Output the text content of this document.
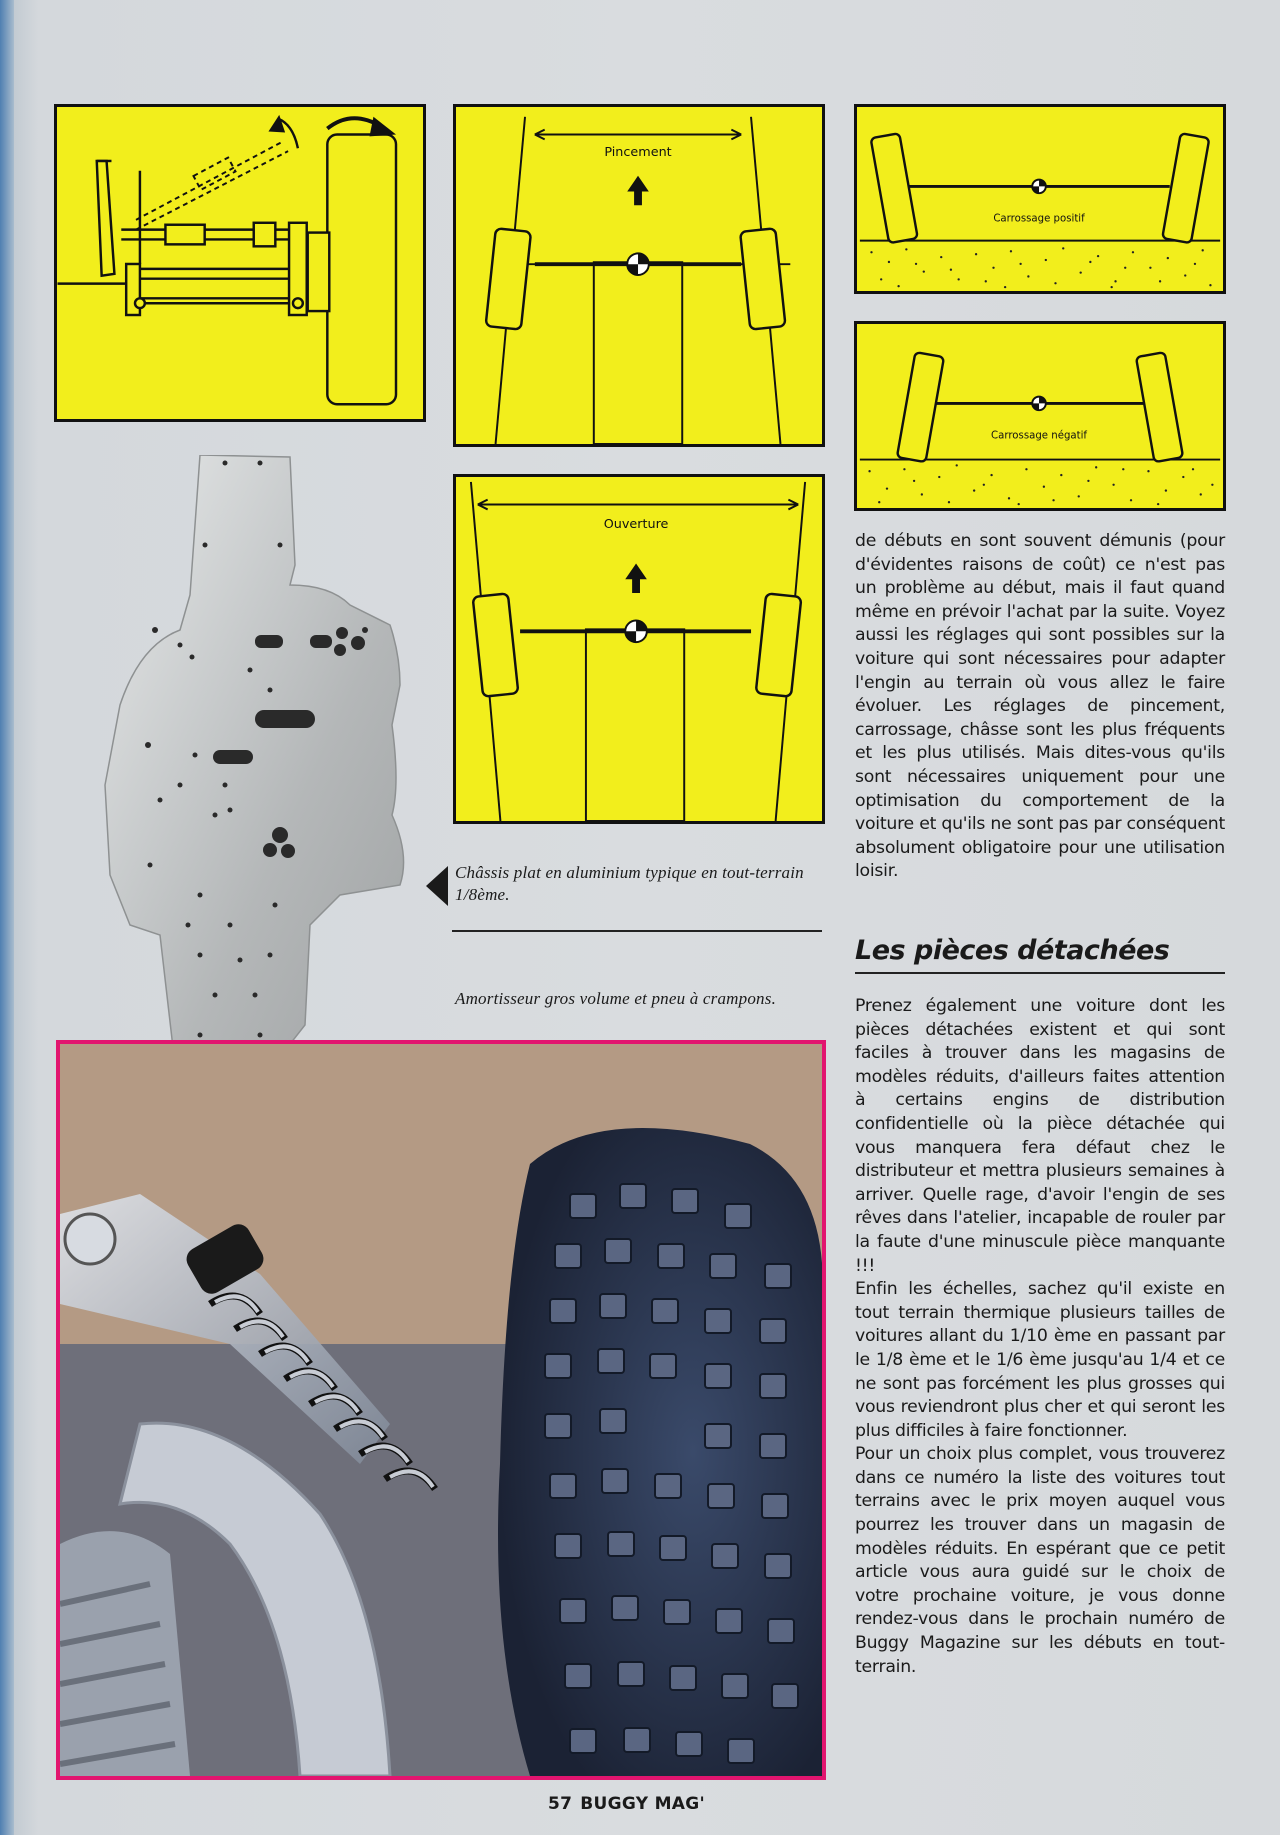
Pincement
Ouverture
Carrossage positif
Carrossage négatif
Châssis plat en aluminium typique en tout-terrain 1/8ème.
Amortisseur gros volume et pneu à crampons.

de débuts en sont souvent démunis (pour d'évidentes raisons de coût) ce n'est pas un problème au début, mais il faut quand même en prévoir l'achat par la suite. Voyez aussi les réglages qui sont possibles sur la voiture qui sont nécessaires pour adapter l'engin au terrain où vous allez le faire évoluer. Les réglages de pincement, carrossage, châsse sont les plus fréquents et les plus utilisés. Mais dites-vous qu'ils sont nécessaires uniquement pour une optimisation du comportement de la voiture et qu'ils ne sont pas par conséquent absolument obligatoire pour une utilisation loisir.

Les pièces détachées

Prenez également une voiture dont les pièces détachées existent et qui sont faciles à trouver dans les magasins de modèles réduits, d'ailleurs faites attention à certains engins de distribution confidentielle où la pièce détachée qui vous manquera fera défaut chez le distributeur et mettra plusieurs semaines à arriver. Quelle rage, d'avoir l'engin de ses rêves dans l'atelier, incapable de rouler par la faute d'une minuscule pièce manquante !!!

Enfin les échelles, sachez qu'il existe en tout terrain thermique plusieurs tailles de voitures allant du 1/10 ème en passant par le 1/8 ème et le 1/6 ème jusqu'au 1/4 et ce ne sont pas forcément les plus grosses qui vous reviendront plus cher et qui seront les plus difficiles à faire fonctionner.

Pour un choix plus complet, vous trouverez dans ce numéro la liste des voitures tout terrains avec le prix moyen auquel vous pourrez les trouver dans un magasin de modèles réduits. En espérant que ce petit article vous aura guidé sur le choix de votre prochaine voiture, je vous donne rendez-vous dans le prochain numéro de Buggy Magazine sur les débuts en tout-terrain.

57 BUGGY MAG'
